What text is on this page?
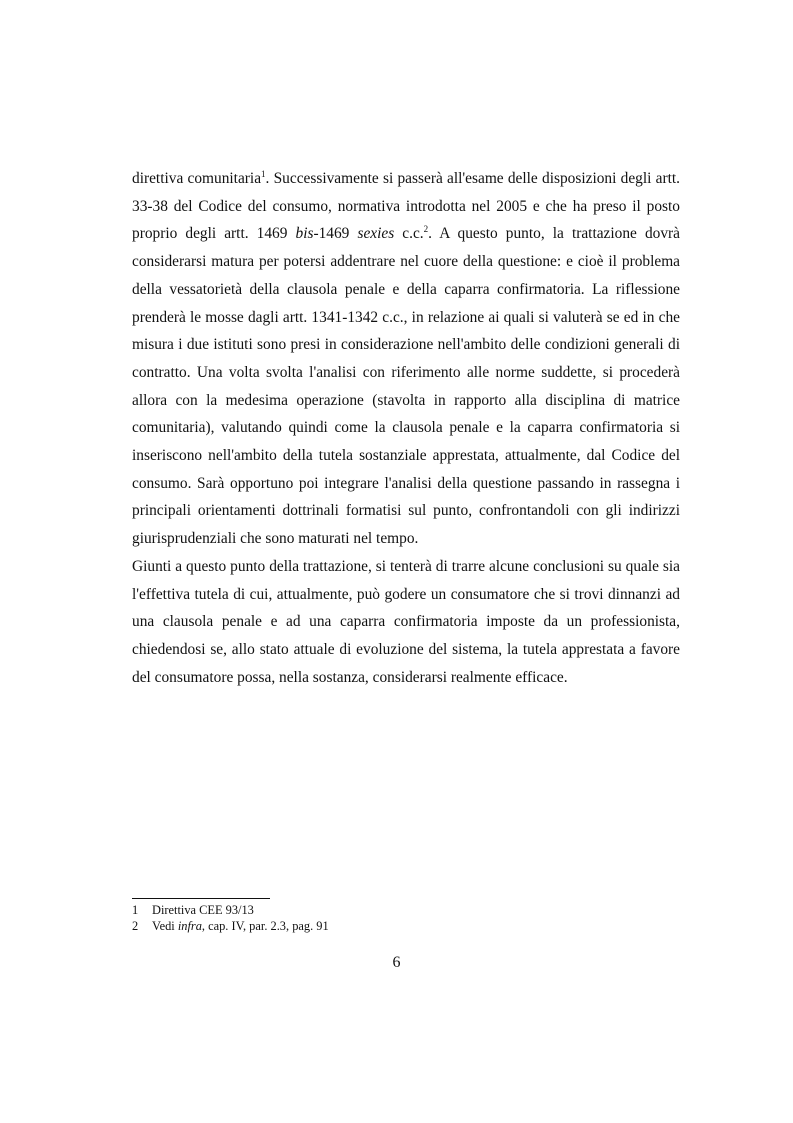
direttiva comunitaria$^1$. Successivamente si passerà all'esame delle disposizioni degli artt. 33-38 del Codice del consumo, normativa introdotta nel 2005 e che ha preso il posto proprio degli artt. 1469 bis-1469 sexies c.c.$^2$. A questo punto, la trattazione dovrà considerarsi matura per potersi addentrare nel cuore della questione: e cioè il problema della vessatorietà della clausola penale e della caparra confirmatoria. La riflessione prenderà le mosse dagli artt. 1341-1342 c.c., in relazione ai quali si valuterà se ed in che misura i due istituti sono presi in considerazione nell'ambito delle condizioni generali di contratto. Una volta svolta l'analisi con riferimento alle norme suddette, si procederà allora con la medesima operazione (stavolta in rapporto alla disciplina di matrice comunitaria), valutando quindi come la clausola penale e la caparra confirmatoria si inseriscono nell'ambito della tutela sostanziale apprestata, attualmente, dal Codice del consumo. Sarà opportuno poi integrare l'analisi della questione passando in rassegna i principali orientamenti dottrinali formatisi sul punto, confrontandoli con gli indirizzi giurisprudenziali che sono maturati nel tempo.

Giunti a questo punto della trattazione, si tenterà di trarre alcune conclusioni su quale sia l'effettiva tutela di cui, attualmente, può godere un consumatore che si trovi dinnanzi ad una clausola penale e ad una caparra confirmatoria imposte da un professionista, chiedendosi se, allo stato attuale di evoluzione del sistema, la tutela apprestata a favore del consumatore possa, nella sostanza, considerarsi realmente efficace.

1	Direttiva CEE 93/13
2	Vedi infra, cap. IV, par. 2.3, pag. 91
6
